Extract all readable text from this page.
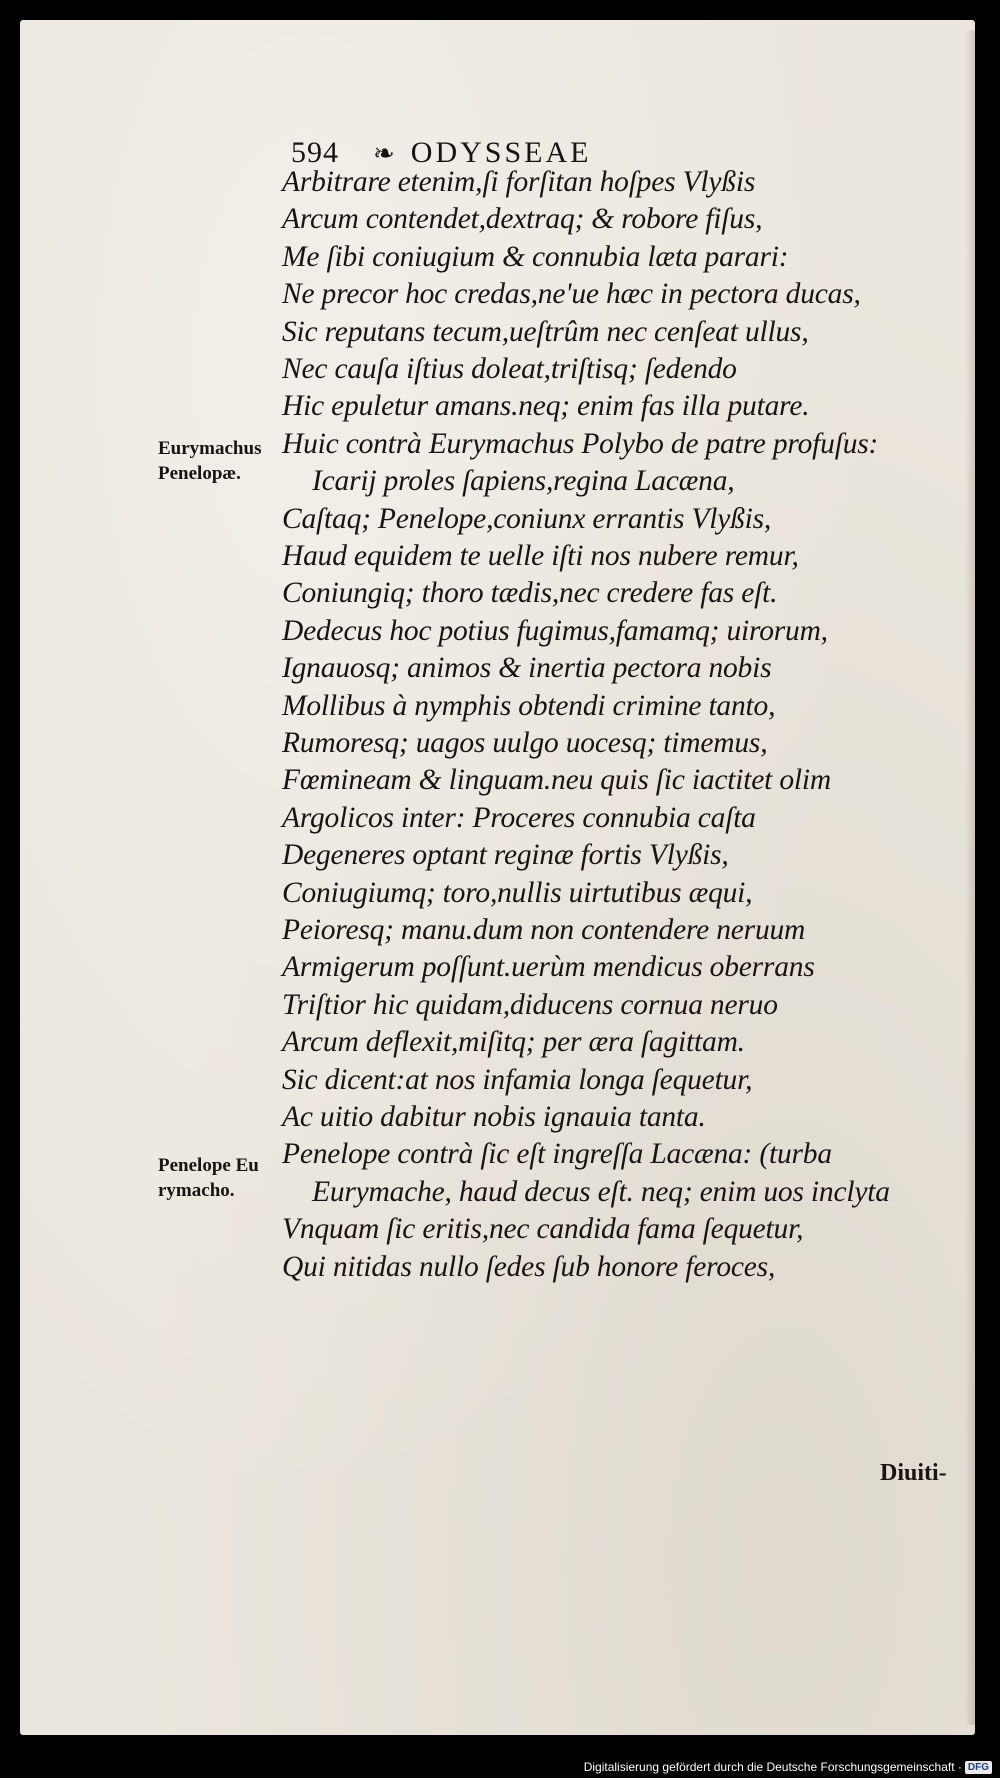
594 ❧ ODYSSEAE
Eurymachus
Penelopæ.
Penelope Eu
rymacho.
Arbitrare etenim,ſi forſitan hoſpes Vlyßis
Arcum contendet,dextraq; & robore fiſus,
Me ſibi coniugium & connubia læta parari:
Ne precor hoc credas,ne'ue hæc in pectora ducas,
Sic reputans tecum,ueſtrûm nec cenſeat ullus,
Nec cauſa iſtius doleat,triſtisq; ſedendo
Hic epuletur amans.neq; enim fas illa putare.
Huic contrà Eurymachus Polybo de patre profuſus:
Icarij proles ſapiens,regina Lacæna,
Caſtaq; Penelope,coniunx errantis Vlyßis,
Haud equidem te uelle iſti nos nubere remur,
Coniungiq; thoro tædis,nec credere fas eſt.
Dedecus hoc potius fugimus,famamq; uirorum,
Ignauosq; animos & inertia pectora nobis
Mollibus à nymphis obtendi crimine tanto,
Rumoresq; uagos uulgo uocesq; timemus,
Fœmineam & linguam.neu quis ſic iactitet olim
Argolicos inter: Proceres connubia caſta
Degeneres optant reginæ fortis Vlyßis,
Coniugiumq; toro,nullis uirtutibus æqui,
Peioresq; manu.dum non contendere neruum
Armigerum poſſunt.uerùm mendicus oberrans
Triſtior hic quidam,diducens cornua neruo
Arcum deflexit,miſitq; per æra ſagittam.
Sic dicent:at nos infamia longa ſequetur,
Ac uitio dabitur nobis ignauia tanta.
Penelope contrà ſic eſt ingreſſa Lacæna: (turba
Eurymache, haud decus eſt. neq; enim uos inclyta
Vnquam ſic eritis,nec candida fama ſequetur,
Qui nitidas nullo ſedes ſub honore feroces,
Diuiti-
Digitalisierung gefördert durch die Deutsche Forschungsgemeinschaft · DFG
